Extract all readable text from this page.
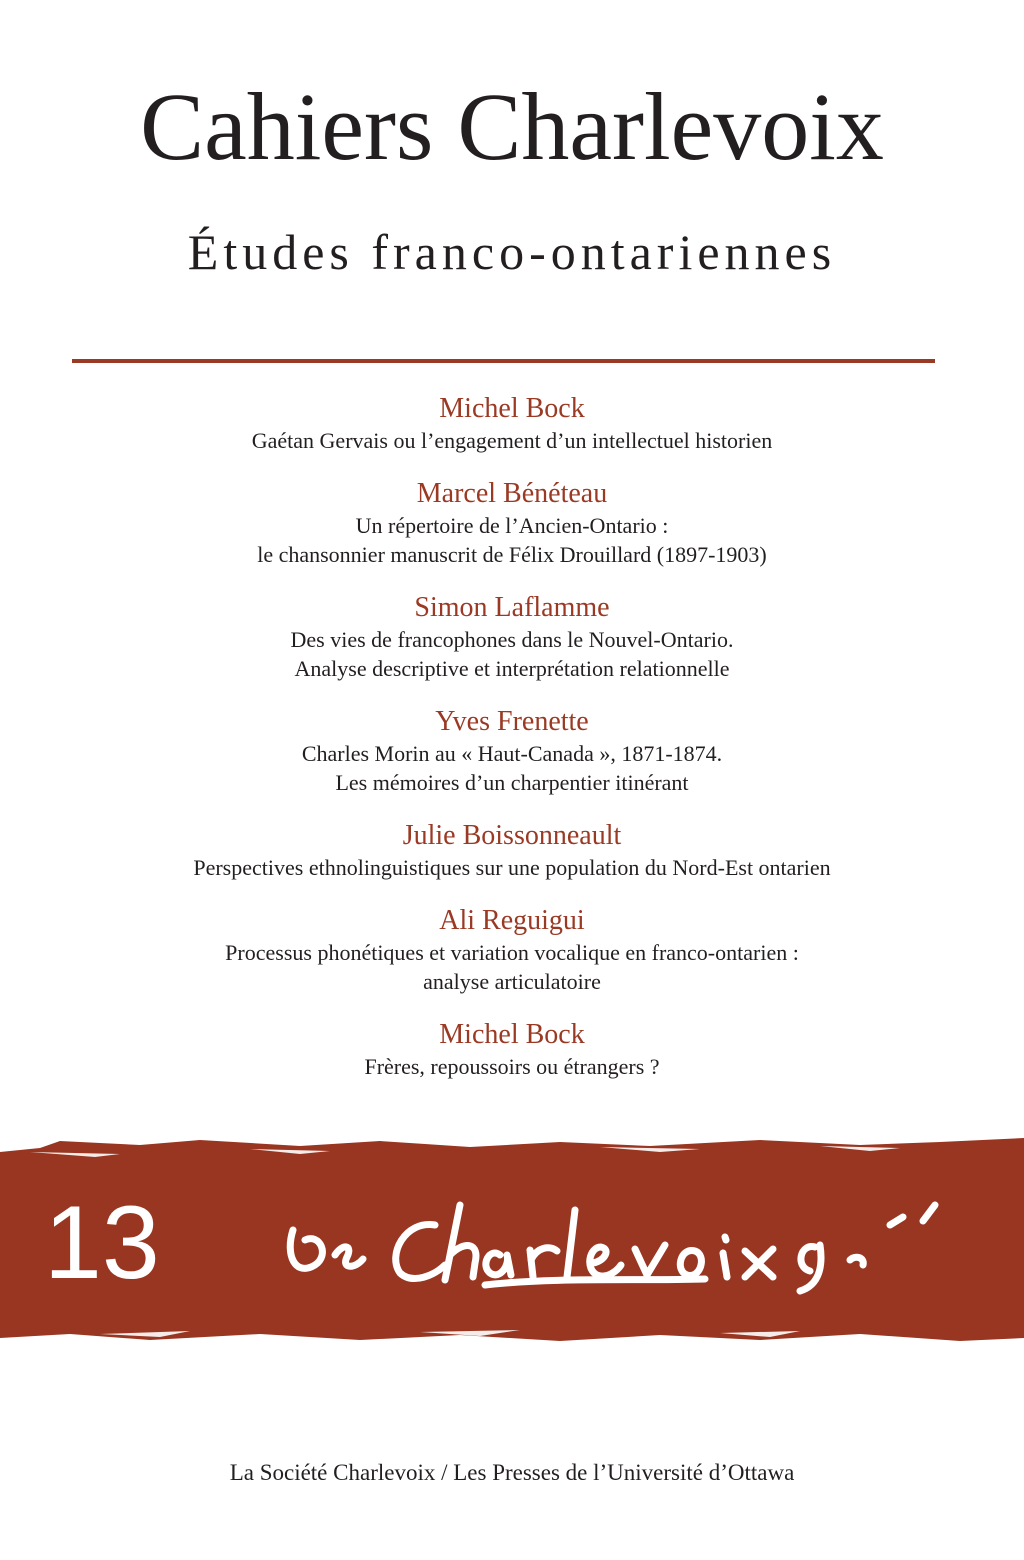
Cahiers Charlevoix
Études franco-ontariennes
Michel Bock
Gaétan Gervais ou l’engagement d’un intellectuel historien
Marcel Bénéteau
Un répertoire de l’Ancien-Ontario :
le chansonnier manuscrit de Félix Drouillard (1897-1903)
Simon Laflamme
Des vies de francophones dans le Nouvel-Ontario.
Analyse descriptive et interprétation relationnelle
Yves Frenette
Charles Morin au « Haut-Canada », 1871-1874.
Les mémoires d’un charpentier itinérant
Julie Boissonneault
Perspectives ethnolinguistiques sur une population du Nord-Est ontarien
Ali Reguigui
Processus phonétiques et variation vocalique en franco-ontarien :
analyse articulatoire
Michel Bock
Frères, repoussoirs ou étrangers ?
13
La Société Charlevoix / Les Presses de l’Université d’Ottawa
